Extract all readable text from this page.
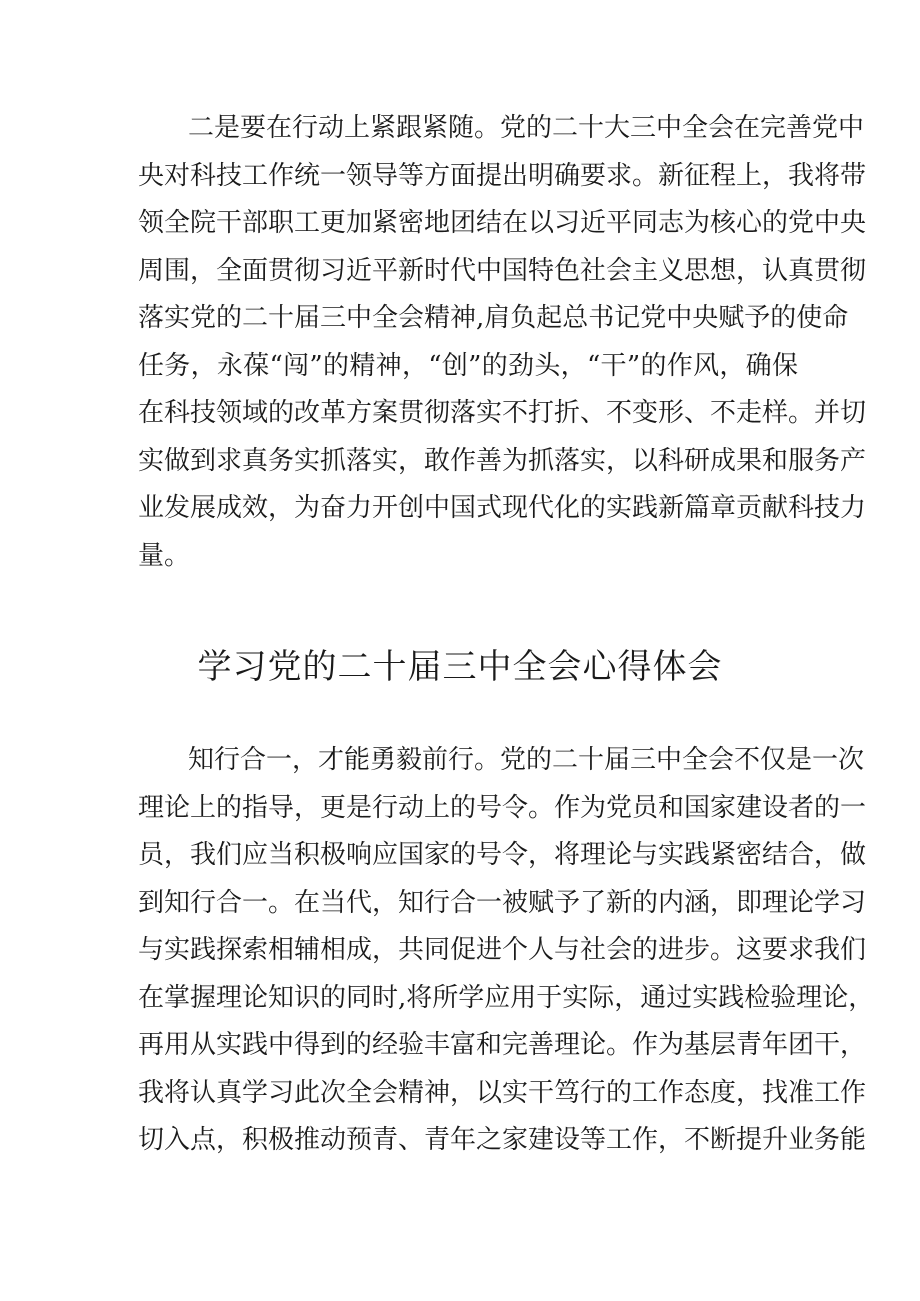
二是要在行动上紧跟紧随。党的二十大三中全会在完善党中
央对科技工作统一领导等方面提出明确要求。新征程上，我将带
领全院干部职工更加紧密地团结在以习近平同志为核心的党中央
周围，全面贯彻习近平新时代中国特色社会主义思想，认真贯彻
落实党的二十届三中全会精神,肩负起总书记党中央赋予的使命
任务，永葆“闯”的精神，“创”的劲头，“干”的作风，确保
在科技领域的改革方案贯彻落实不打折、不变形、不走样。并切
实做到求真务实抓落实，敢作善为抓落实，以科研成果和服务产
业发展成效，为奋力开创中国式现代化的实践新篇章贡献科技力
量。
学习党的二十届三中全会心得体会
知行合一，才能勇毅前行。党的二十届三中全会不仅是一次
理论上的指导，更是行动上的号令。作为党员和国家建设者的一
员，我们应当积极响应国家的号令，将理论与实践紧密结合，做
到知行合一。在当代，知行合一被赋予了新的内涵，即理论学习
与实践探索相辅相成，共同促进个人与社会的进步。这要求我们
在掌握理论知识的同时,将所学应用于实际，通过实践检验理论，
再用从实践中得到的经验丰富和完善理论。作为基层青年团干，
我将认真学习此次全会精神，以实干笃行的工作态度，找准工作
切入点，积极推动预青、青年之家建设等工作，不断提升业务能
